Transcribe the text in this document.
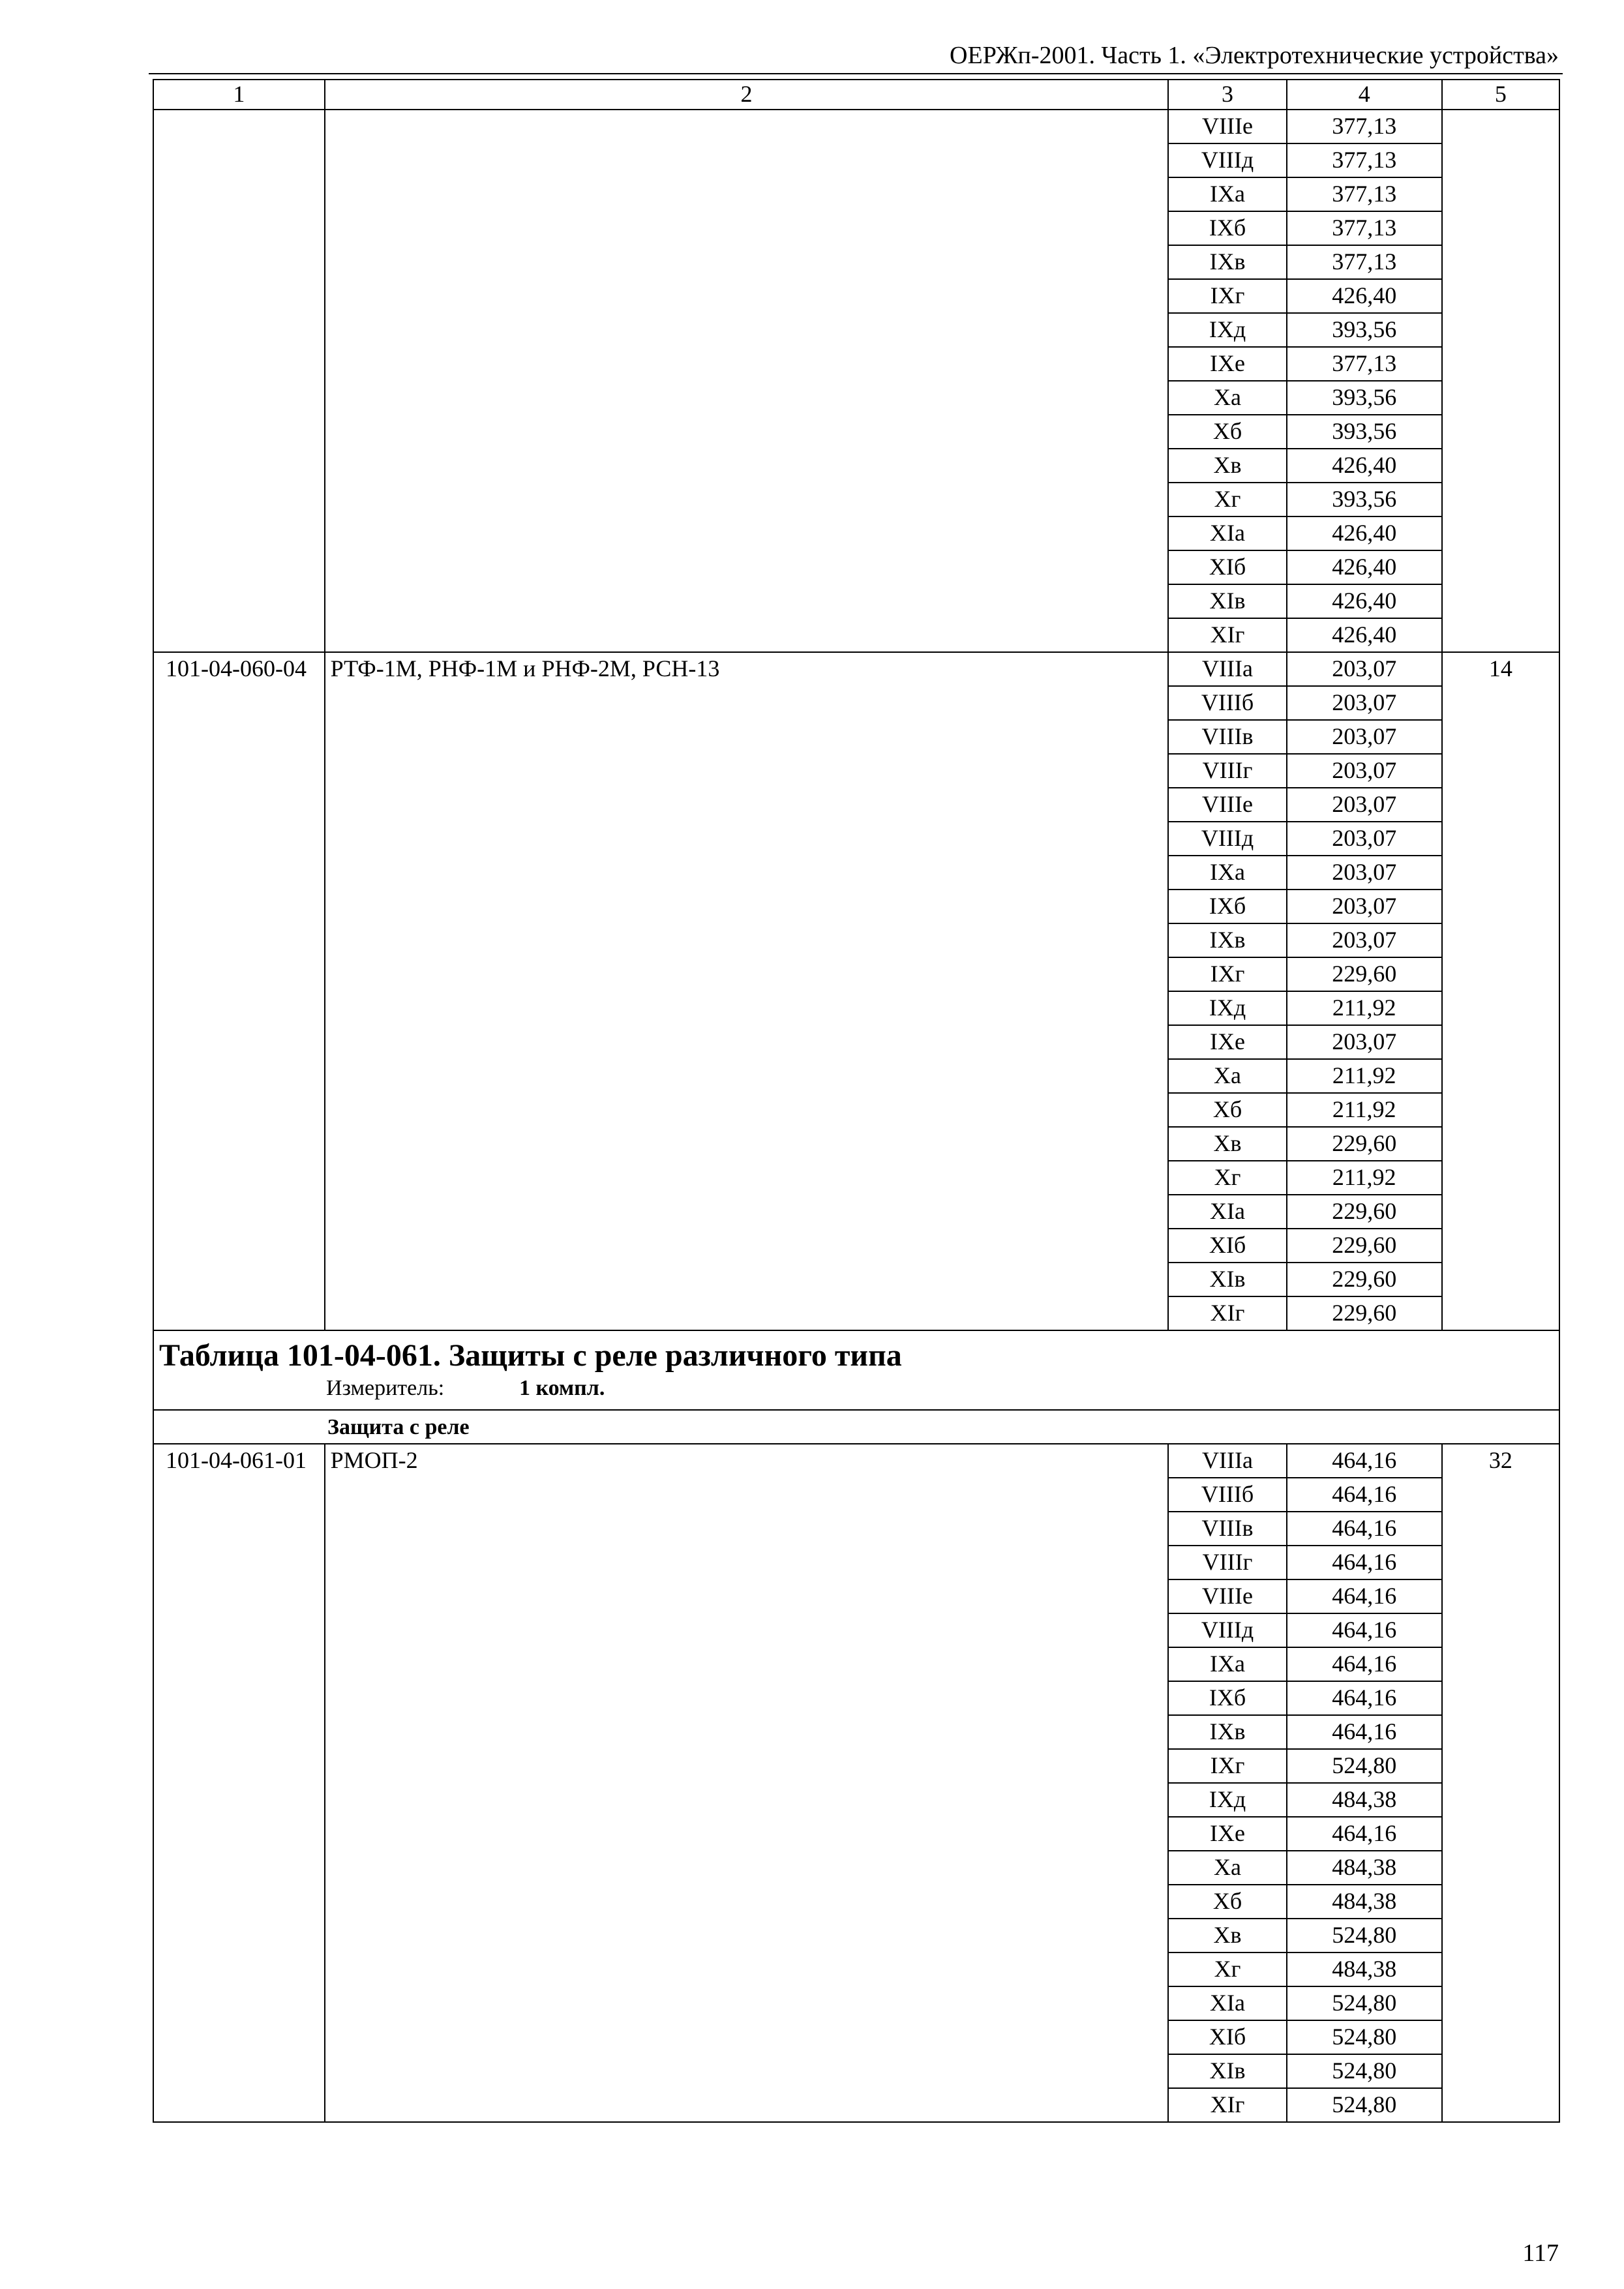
ОЕРЖп-2001. Часть 1. «Электротехнические устройства»
1	2	3	4	5
		VIIIе	377,13	
		VIIIд	377,13	
		IXа	377,13	
		IXб	377,13	
		IXв	377,13	
		IXг	426,40	
		IXд	393,56	
		IXе	377,13	
		Xа	393,56	
		Xб	393,56	
		Xв	426,40	
		Xг	393,56	
		XIа	426,40	
		XIб	426,40	
		XIв	426,40	
		XIг	426,40	
101-04-060-04	РТФ-1М, РНФ-1М и РНФ-2М, РСН-13	VIIIа	203,07	14
		VIIIб	203,07	
		VIIIв	203,07	
		VIIIг	203,07	
		VIIIе	203,07	
		VIIIд	203,07	
		IXа	203,07	
		IXб	203,07	
		IXв	203,07	
		IXг	229,60	
		IXд	211,92	
		IXе	203,07	
		Xа	211,92	
		Xб	211,92	
		Xв	229,60	
		Xг	211,92	
		XIа	229,60	
		XIб	229,60	
		XIв	229,60	
		XIг	229,60	

Таблица 101-04-061. Защиты с реле различного типа
Измеритель: 1 компл.				

Защита с реле				
101-04-061-01	РМОП-2	VIIIа	464,16	32
		VIIIб	464,16	
		VIIIв	464,16	
		VIIIг	464,16	
		VIIIе	464,16	
		VIIIд	464,16	
		IXа	464,16	
		IXб	464,16	
		IXв	464,16	
		IXг	524,80	
		IXд	484,38	
		IXе	464,16	
		Xа	484,38	
		Xб	484,38	
		Xв	524,80	
		Xг	484,38	
		XIа	524,80	
		XIб	524,80	
		XIв	524,80	
		XIг	524,80	
117
